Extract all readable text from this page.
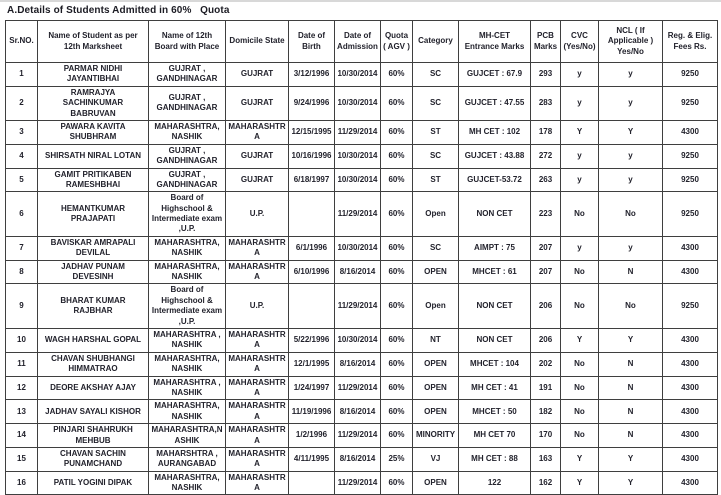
A.Details of Students Admitted in 60%   Quota
Sr.NO.	Name of Student as per 12th Marksheet	Name of 12th Board with Place	Domicile State	Date of Birth	Date of Admission	Quota ( AGV )	Category	MH-CET Entrance Marks	PCB Marks	CVC (Yes/No)	NCL ( If Applicable ) Yes/No	Reg. & Elig. Fees Rs.
1	PARMAR NIDHI JAYANTIBHAI	GUJRAT , GANDHINAGAR	GUJRAT	3/12/1996	10/30/2014	60%	SC	GUJCET : 67.9	293	y	y	9250
2	RAMRAJYA SACHINKUMAR BABRUVAN	GUJRAT , GANDHINAGAR	GUJRAT	9/24/1996	10/30/2014	60%	SC	GUJCET : 47.55	283	y	y	9250
3	PAWARA KAVITA SHUBHRAM	MAHARASHTRA, NASHIK	MAHARASHTRA	12/15/1995	11/29/2014	60%	ST	MH CET : 102	178	Y	Y	4300
4	SHIRSATH NIRAL LOTAN	GUJRAT , GANDHINAGAR	GUJRAT	10/16/1996	10/30/2014	60%	SC	GUJCET : 43.88	272	y	y	9250
5	GAMIT PRITIKABEN RAMESHBHAI	GUJRAT , GANDHINAGAR	GUJRAT	6/18/1997	10/30/2014	60%	ST	GUJCET-53.72	263	y	y	9250
6	HEMANTKUMAR PRAJAPATI	Board of Highschool & Intermediate exam ,U.P.	U.P.		11/29/2014	60%	Open	NON CET	223	No	No	9250
7	BAVISKAR AMRAPALI DEVILAL	MAHARASHTRA, NASHIK	MAHARASHTRA	6/1/1996	10/30/2014	60%	SC	AIMPT : 75	207	y	y	4300
8	JADHAV PUNAM DEVESINH	MAHARASHTRA, NASHIK	MAHARASHTRA	6/10/1996	8/16/2014	60%	OPEN	MHCET : 61	207	No	N	4300
9	BHARAT KUMAR RAJBHAR	Board of Highschool & Intermediate exam ,U.P.	U.P.		11/29/2014	60%	Open	NON CET	206	No	No	9250
10	WAGH HARSHAL GOPAL	MAHARASHTRA , NASHIK	MAHARASHTRA	5/22/1996	10/30/2014	60%	NT	NON CET	206	Y	Y	4300
11	CHAVAN SHUBHANGI HIMMATRAO	MAHARASHTRA, NASHIK	MAHARASHTRA	12/1/1995	8/16/2014	60%	OPEN	MHCET : 104	202	No	N	4300
12	DEORE AKSHAY AJAY	MAHARASHTRA , NASHIK	MAHARASHTRA	1/24/1997	11/29/2014	60%	OPEN	MH CET : 41	191	No	N	4300
13	JADHAV SAYALI KISHOR	MAHARASHTRA, NASHIK	MAHARASHTRA	11/19/1996	8/16/2014	60%	OPEN	MHCET : 50	182	No	N	4300
14	PINJARI SHAHRUKH MEHBUB	MAHARASHTRA,N ASHIK	MAHARASHTRA	1/2/1996	11/29/2014	60%	MINORITY	MH CET 70	170	No	N	4300
15	CHAVAN SACHIN PUNAMCHAND	MAHARSHTRA , AURANGABAD	MAHARASHTRA	4/11/1995	8/16/2014	25%	VJ	MH CET : 88	163	Y	Y	4300
16	PATIL YOGINI DIPAK	MAHARASHTRA, NASHIK	MAHARASHTRA		11/29/2014	60%	OPEN	122	162	Y	Y	4300
